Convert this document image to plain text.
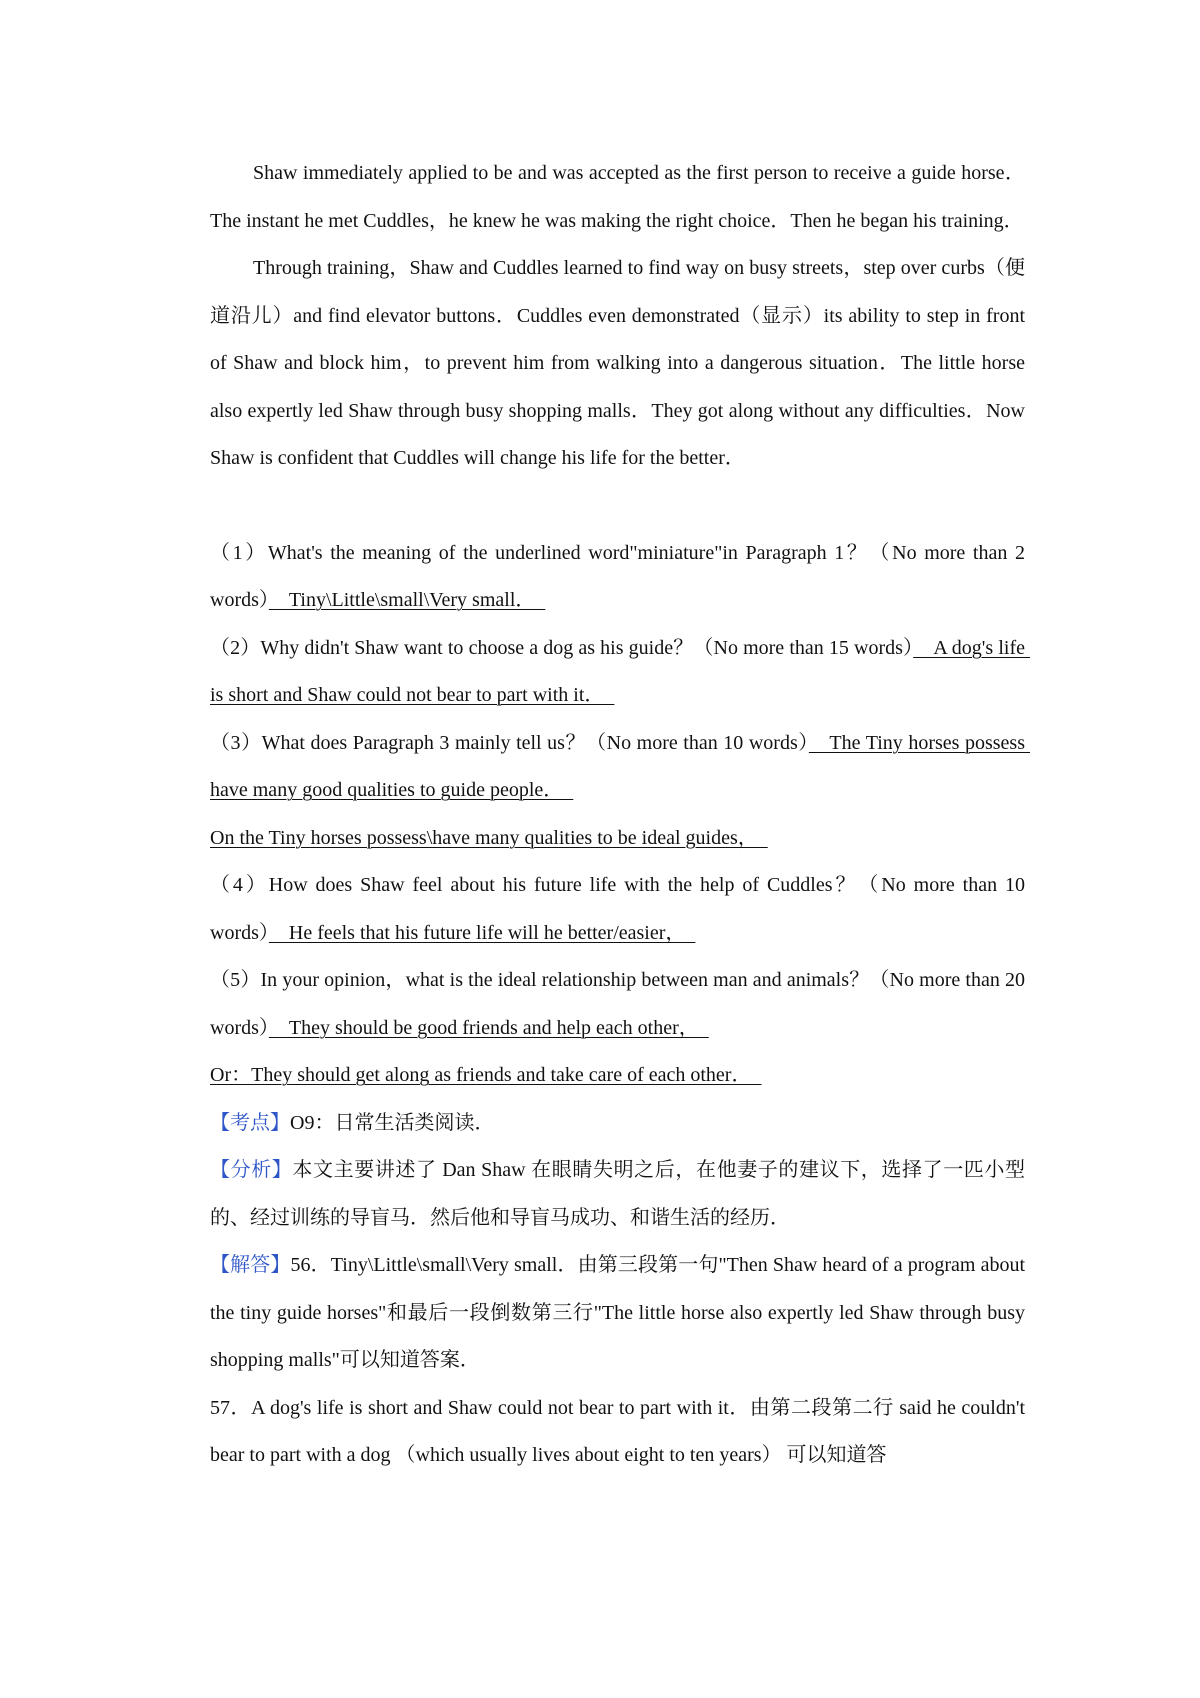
Shaw immediately applied to be and was accepted as the first person to receive a guide horse．The instant he met Cuddles，he knew he was making the right choice．Then he began his training．

Through training，Shaw and Cuddles learned to find way on busy streets，step over curbs（便道沿儿）and find elevator buttons．Cuddles even demonstrated（显示）its ability to step in front of Shaw and block him，to prevent him from walking into a dangerous situation．The little horse also expertly led Shaw through busy shopping malls．They got along without any difficulties．Now Shaw is confident that Cuddles will change his life for the better．

（1）What's the meaning of the underlined word"miniature"in Paragraph 1？（No more than 2 words）　Tiny\Little\small\Very small．　

（2）Why didn't Shaw want to choose a dog as his guide？（No more than 15 words）　A dog's life is short and Shaw could not bear to part with it．　

（3）What does Paragraph 3 mainly tell us？（No more than 10 words）　The Tiny horses possess have many good qualities to guide people．　

On the Tiny horses possess\have many qualities to be ideal guides，　

（4）How does Shaw feel about his future life with the help of Cuddles？（No more than 10 words）　He feels that his future life will he better/easier，　

（5）In your opinion，what is the ideal relationship between man and animals？（No more than 20 words）　They should be good friends and help each other，　

Or：They should get along as friends and take care of each other．　

【考点】O9：日常生活类阅读．

【分析】本文主要讲述了 Dan Shaw 在眼睛失明之后，在他妻子的建议下，选择了一匹小型的、经过训练的导盲马．然后他和导盲马成功、和谐生活的经历．

【解答】56．Tiny\Little\small\Very small．由第三段第一句"Then Shaw heard of a program about the tiny guide horses"和最后一段倒数第三行"The little horse also expertly led Shaw through busy shopping malls"可以知道答案．

57．A dog's life is short and Shaw could not bear to part with it．由第二段第二行 said he couldn't bear to part with a dog （which usually lives about eight to ten years） 可以知道答
